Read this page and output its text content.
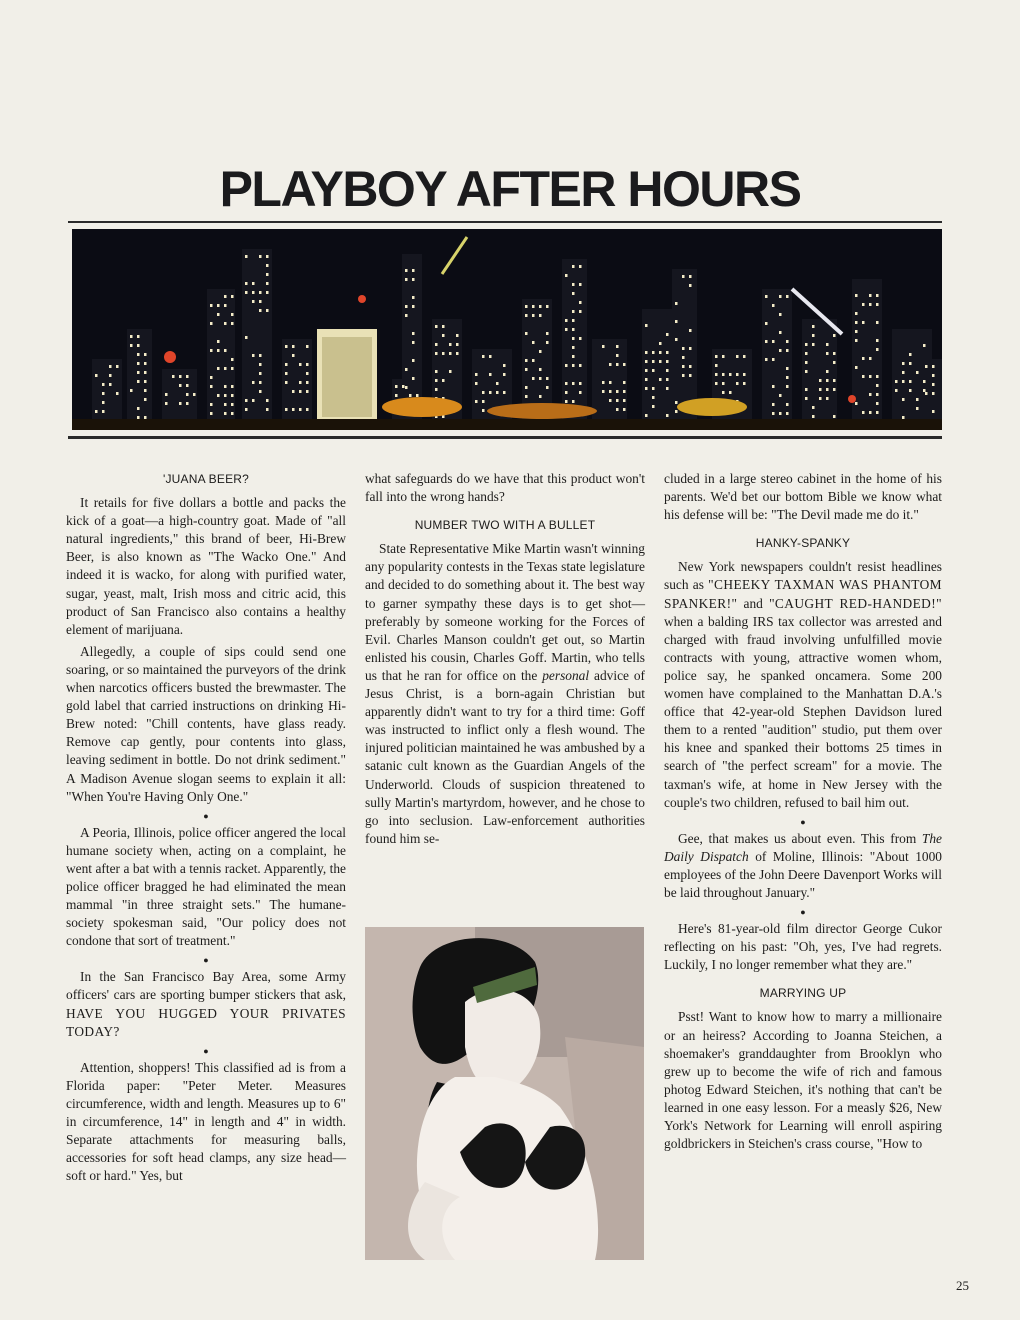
PLAYBOY AFTER HOURS
'JUANA BEER?

It retails for five dollars a bottle and packs the kick of a goat—a high-country goat. Made of "all natural ingredients," this brand of beer, Hi-Brew Beer, is also known as "The Wacko One." And indeed it is wacko, for along with purified water, sugar, yeast, malt, Irish moss and citric acid, this product of San Francisco also contains a healthy element of marijuana.

Allegedly, a couple of sips could send one soaring, or so maintained the purveyors of the drink when narcotics officers busted the brewmaster. The gold label that carried instructions on drinking Hi-Brew noted: "Chill contents, have glass ready. Remove cap gently, pour contents into glass, leaving sediment in bottle. Do not drink sediment." A Madison Avenue slogan seems to explain it all: "When You're Having Only One."

●

A Peoria, Illinois, police officer angered the local humane society when, acting on a complaint, he went after a bat with a tennis racket. Apparently, the police officer bragged he had eliminated the mean mammal "in three straight sets." The humane-society spokesman said, "Our policy does not condone that sort of treatment."

●

In the San Francisco Bay Area, some Army officers' cars are sporting bumper stickers that ask, HAVE YOU HUGGED YOUR PRIVATES TODAY?

●

Attention, shoppers! This classified ad is from a Florida paper: "Peter Meter. Measures circumference, width and length. Measures up to 6" in circumference, 14" in length and 4" in width. Separate attachments for measuring balls, accessories for soft head clamps, any size head—soft or hard." Yes, but

what safeguards do we have that this product won't fall into the wrong hands?

NUMBER TWO WITH A BULLET

State Representative Mike Martin wasn't winning any popularity contests in the Texas state legislature and decided to do something about it. The best way to garner sympathy these days is to get shot—preferably by someone working for the Forces of Evil. Charles Manson couldn't get out, so Martin enlisted his cousin, Charles Goff. Martin, who tells us that he ran for office on the personal advice of Jesus Christ, is a born-again Christian but apparently didn't want to try for a third time: Goff was instructed to inflict only a flesh wound. The injured politician maintained he was ambushed by a satanic cult known as the Guardian Angels of the Underworld. Clouds of suspicion threatened to sully Martin's martyrdom, however, and he chose to go into seclusion. Law-enforcement authorities found him se-

cluded in a large stereo cabinet in the home of his parents. We'd bet our bottom Bible we know what his defense will be: "The Devil made me do it."

HANKY-SPANKY

New York newspapers couldn't resist headlines such as "CHEEKY TAXMAN WAS PHANTOM SPANKER!" and "CAUGHT RED-HANDED!" when a balding IRS tax collector was arrested and charged with fraud involving unfulfilled movie contracts with young, attractive women whom, police say, he spanked oncamera. Some 200 women have complained to the Manhattan D.A.'s office that 42-year-old Stephen Davidson lured them to a rented "audition" studio, put them over his knee and spanked their bottoms 25 times in search of "the perfect scream" for a movie. The taxman's wife, at home in New Jersey with the couple's two children, refused to bail him out.

●

Gee, that makes us about even. This from The Daily Dispatch of Moline, Illinois: "About 1000 employees of the John Deere Davenport Works will be laid throughout January."

●

Here's 81-year-old film director George Cukor reflecting on his past: "Oh, yes, I've had regrets. Luckily, I no longer remember what they are."

MARRYING UP

Psst! Want to know how to marry a millionaire or an heiress? According to Joanna Steichen, a shoemaker's granddaughter from Brooklyn who grew up to become the wife of rich and famous photog Edward Steichen, it's nothing that can't be learned in one easy lesson. For a measly $26, New York's Network for Learning will enroll aspiring goldbrickers in Steichen's crass course, "How to

25
